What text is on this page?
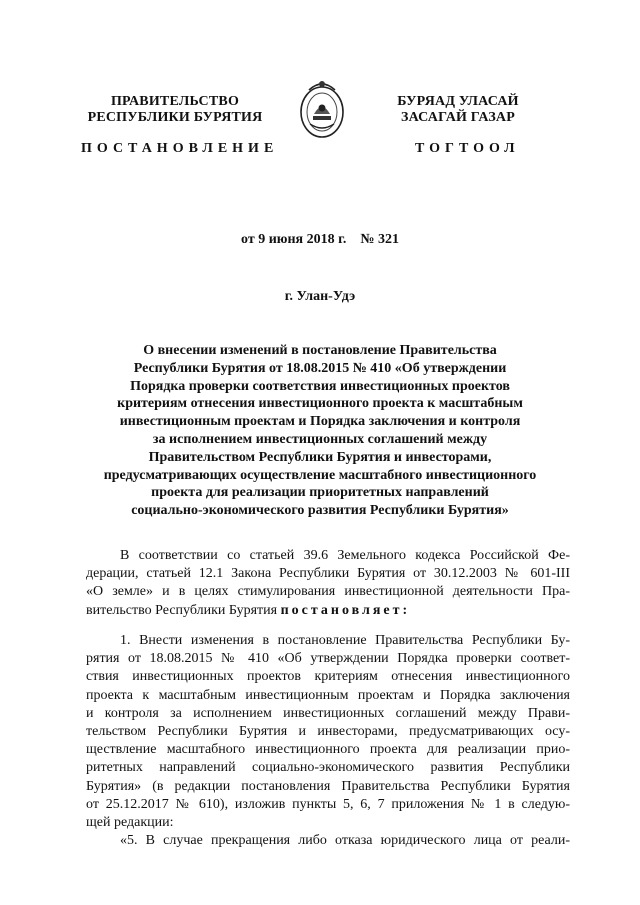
ПРАВИТЕЛЬСТВО
РЕСПУБЛИКИ БУРЯТИЯ
БУРЯАД УЛАСАЙ
ЗАСАГАЙ ГАЗАР
ПОСТАНОВЛЕНИЕ	ТОГТООЛ
от 9 июня 2018 г.    № 321
г. Улан-Удэ
О внесении изменений в постановление Правительства
Республики Бурятия от 18.08.2015 № 410 «Об утверждении
Порядка проверки соответствия инвестиционных проектов
критериям отнесения инвестиционного проекта к масштабным
инвестиционным проектам и Порядка заключения и контроля
за исполнением инвестиционных соглашений между
Правительством Республики Бурятия и инвесторами,
предусматривающих осуществление масштабного инвестиционного
проекта для реализации приоритетных направлений
социально-экономического развития Республики Бурятия»
В соответствии со статьей 39.6 Земельного кодекса Российской Фе-
дерации, статьей 12.1 Закона Республики Бурятия от 30.12.2003 № 601-III
«О земле» и в целях стимулирования инвестиционной деятельности Пра-
вительство Республики Бурятия постановляет:
1. Внести изменения в постановление Правительства Республики Бу-
рятия от 18.08.2015 № 410 «Об утверждении Порядка проверки соответ-
ствия инвестиционных проектов критериям отнесения инвестиционного
проекта к масштабным инвестиционным проектам и Порядка заключения
и контроля за исполнением инвестиционных соглашений между Прави-
тельством Республики Бурятия и инвесторами, предусматривающих осу-
ществление масштабного инвестиционного проекта для реализации прио-
ритетных направлений социально-экономического развития Республики
Бурятия» (в редакции постановления Правительства Республики Бурятия
от 25.12.2017 № 610), изложив пункты 5, 6, 7 приложения № 1 в следую-
щей редакции:
«5. В случае прекращения либо отказа юридического лица от реали-
